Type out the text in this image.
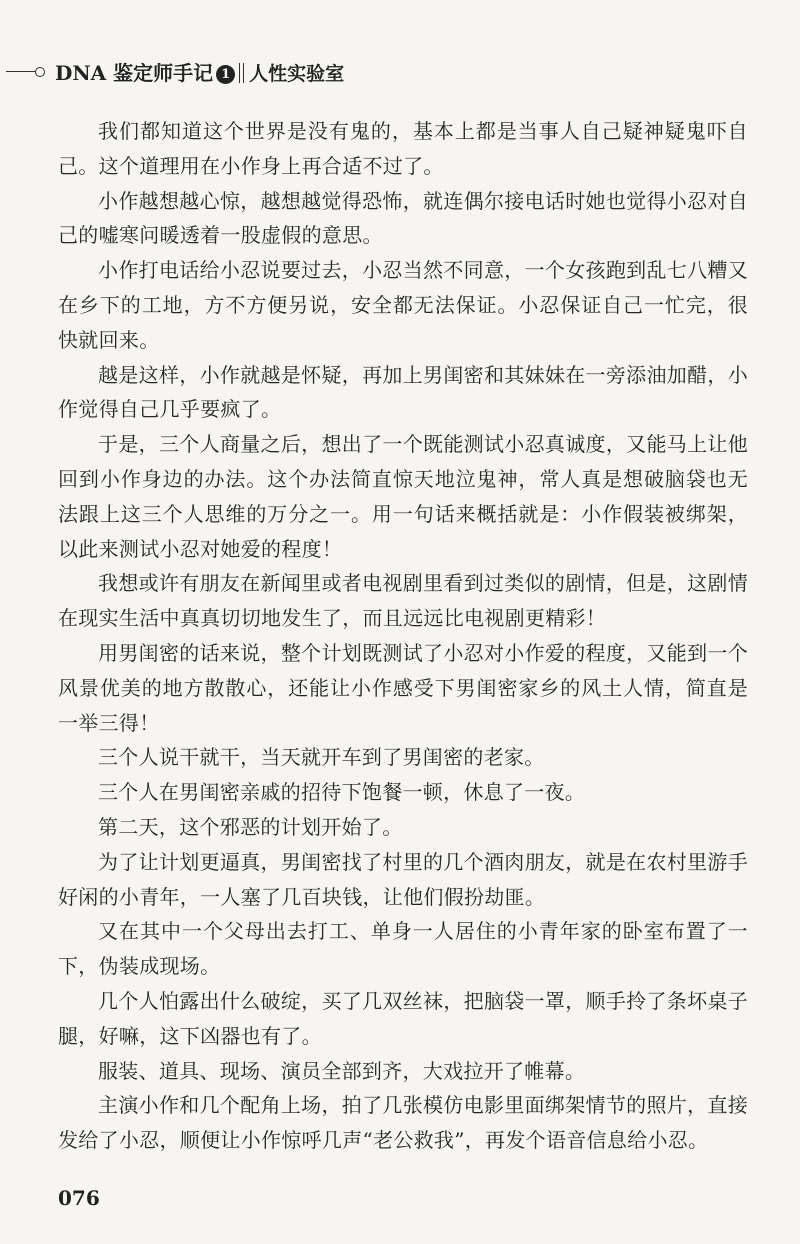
DNA 鉴定师手记 1 人性实验室

我们都知道这个世界是没有鬼的，基本上都是当事人自己疑神疑鬼吓自己。这个道理用在小作身上再合适不过了。

小作越想越心惊，越想越觉得恐怖，就连偶尔接电话时她也觉得小忍对自己的嘘寒问暖透着一股虚假的意思。

小作打电话给小忍说要过去，小忍当然不同意，一个女孩跑到乱七八糟又在乡下的工地，方不方便另说，安全都无法保证。小忍保证自己一忙完，很快就回来。

越是这样，小作就越是怀疑，再加上男闺密和其妹妹在一旁添油加醋，小作觉得自己几乎要疯了。

于是，三个人商量之后，想出了一个既能测试小忍真诚度，又能马上让他回到小作身边的办法。这个办法简直惊天地泣鬼神，常人真是想破脑袋也无法跟上这三个人思维的万分之一。用一句话来概括就是：小作假装被绑架，以此来测试小忍对她爱的程度！

我想或许有朋友在新闻里或者电视剧里看到过类似的剧情，但是，这剧情在现实生活中真真切切地发生了，而且远远比电视剧更精彩！

用男闺密的话来说，整个计划既测试了小忍对小作爱的程度，又能到一个风景优美的地方散散心，还能让小作感受下男闺密家乡的风土人情，简直是一举三得！

三个人说干就干，当天就开车到了男闺密的老家。

三个人在男闺密亲戚的招待下饱餐一顿，休息了一夜。

第二天，这个邪恶的计划开始了。

为了让计划更逼真，男闺密找了村里的几个酒肉朋友，就是在农村里游手好闲的小青年，一人塞了几百块钱，让他们假扮劫匪。

又在其中一个父母出去打工、单身一人居住的小青年家的卧室布置了一下，伪装成现场。

几个人怕露出什么破绽，买了几双丝袜，把脑袋一罩，顺手拎了条坏桌子腿，好嘛，这下凶器也有了。

服装、道具、现场、演员全部到齐，大戏拉开了帷幕。

主演小作和几个配角上场，拍了几张模仿电影里面绑架情节的照片，直接发给了小忍，顺便让小作惊呼几声“老公救我”，再发个语音信息给小忍。

076
